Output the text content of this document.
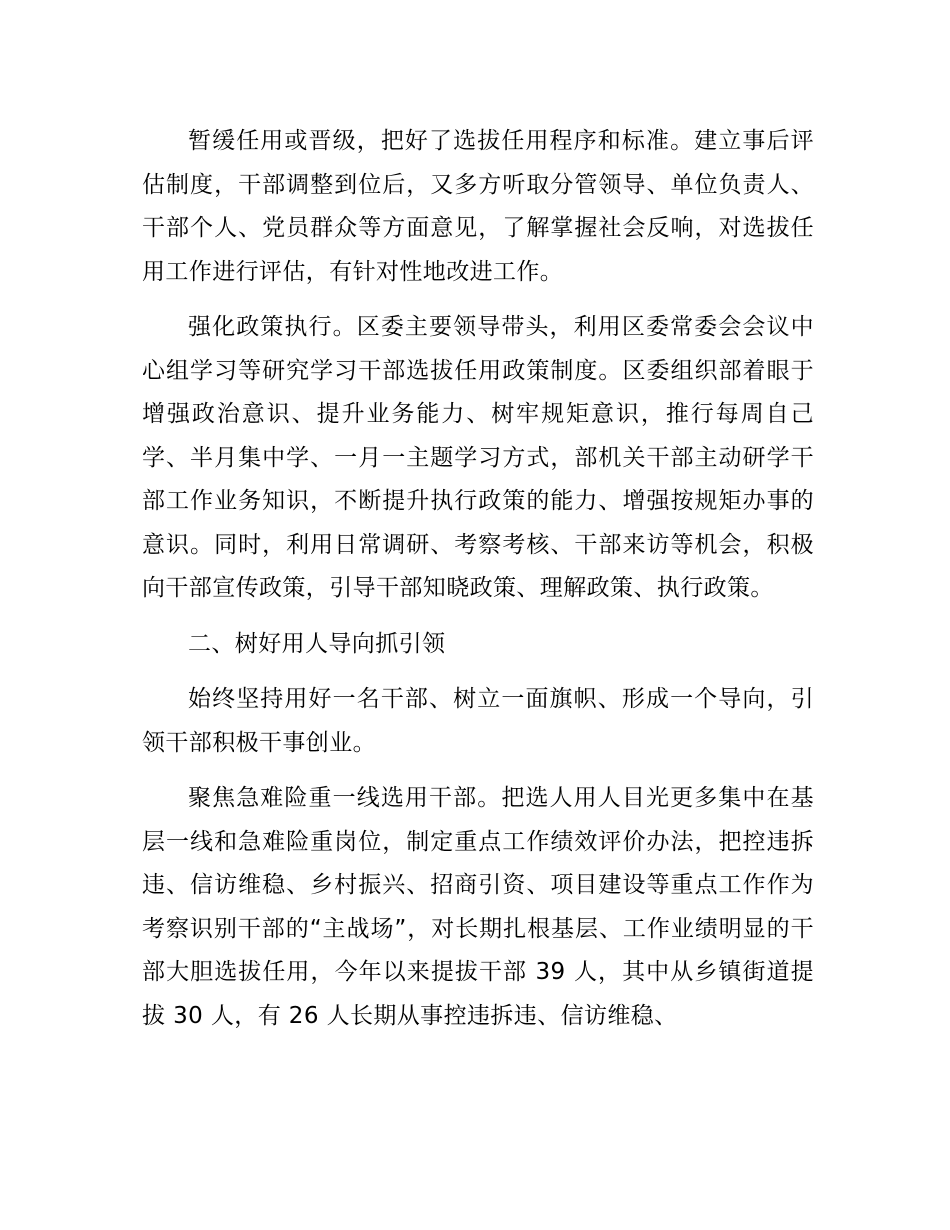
暂缓任用或晋级，把好了选拔任用程序和标准。建立事后评估制度，干部调整到位后，又多方听取分管领导、单位负责人、干部个人、党员群众等方面意见，了解掌握社会反响，对选拔任用工作进行评估，有针对性地改进工作。

强化政策执行。区委主要领导带头，利用区委常委会会议中心组学习等研究学习干部选拔任用政策制度。区委组织部着眼于增强政治意识、提升业务能力、树牢规矩意识，推行每周自己学、半月集中学、一月一主题学习方式，部机关干部主动研学干部工作业务知识，不断提升执行政策的能力、增强按规矩办事的意识。同时，利用日常调研、考察考核、干部来访等机会，积极向干部宣传政策，引导干部知晓政策、理解政策、执行政策。

二、树好用人导向抓引领

始终坚持用好一名干部、树立一面旗帜、形成一个导向，引领干部积极干事创业。

聚焦急难险重一线选用干部。把选人用人目光更多集中在基层一线和急难险重岗位，制定重点工作绩效评价办法，把控违拆违、信访维稳、乡村振兴、招商引资、项目建设等重点工作作为考察识别干部的“主战场”，对长期扎根基层、工作业绩明显的干部大胆选拔任用，今年以来提拔干部 39 人，其中从乡镇街道提拔 30 人，有 26 人长期从事控违拆违、信访维稳、
